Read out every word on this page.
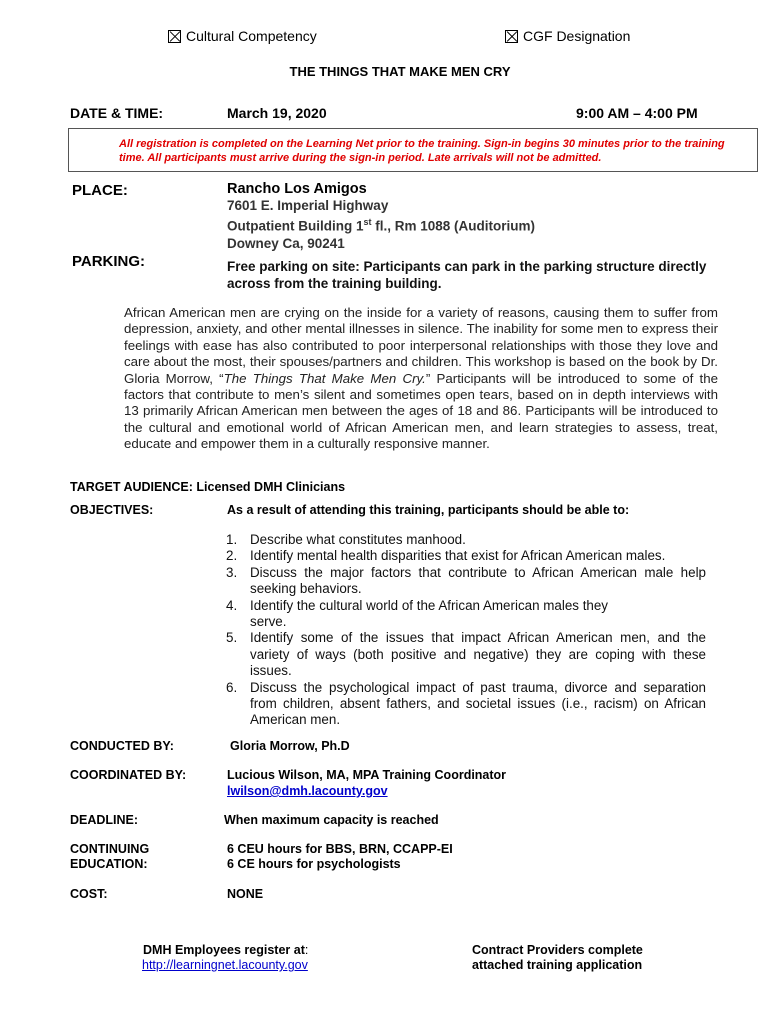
Cultural Competency	CGF Designation
THE THINGS THAT MAKE MEN CRY
DATE & TIME:	March 19, 2020	9:00 AM – 4:00 PM
All registration is completed on the Learning Net prior to the training. Sign-in begins 30 minutes prior to the training time. All participants must arrive during the sign-in period. Late arrivals will not be admitted.
PLACE:	Rancho Los Amigos
7601 E. Imperial Highway
Outpatient Building 1st fl., Rm 1088 (Auditorium)
Downey Ca, 90241
PARKING:	Free parking on site: Participants can park in the parking structure directly across from the training building.
African American men are crying on the inside for a variety of reasons, causing them to suffer from depression, anxiety, and other mental illnesses in silence. The inability for some men to express their feelings with ease has also contributed to poor interpersonal relationships with those they love and care about the most, their spouses/partners and children. This workshop is based on the book by Dr. Gloria Morrow, “The Things That Make Men Cry.” Participants will be introduced to some of the factors that contribute to men’s silent and sometimes open tears, based on in depth interviews with 13 primarily African American men between the ages of 18 and 86. Participants will be introduced to the cultural and emotional world of African American men, and learn strategies to assess, treat, educate and empower them in a culturally responsive manner.
TARGET AUDIENCE: Licensed DMH Clinicians
OBJECTIVES:	As a result of attending this training, participants should be able to:
1. Describe what constitutes manhood.
2. Identify mental health disparities that exist for African American males.
3. Discuss the major factors that contribute to African American male help seeking behaviors.
4. Identify the cultural world of the African American males they serve.
5. Identify some of the issues that impact African American men, and the variety of ways (both positive and negative) they are coping with these issues.
6. Discuss the psychological impact of past trauma, divorce and separation from children, absent fathers, and societal issues (i.e., racism) on African American men.
CONDUCTED BY:	Gloria Morrow, Ph.D
COORDINATED BY:	Lucious Wilson, MA, MPA Training Coordinator
lwilson@dmh.lacounty.gov
DEADLINE:	When maximum capacity is reached
CONTINUING
EDUCATION:
6 CEU hours for BBS, BRN, CCAPP-EI
6 CE hours for psychologists
COST:	NONE
DMH Employees register at:
http://learningnet.lacounty.gov
Contract Providers complete
attached training application
